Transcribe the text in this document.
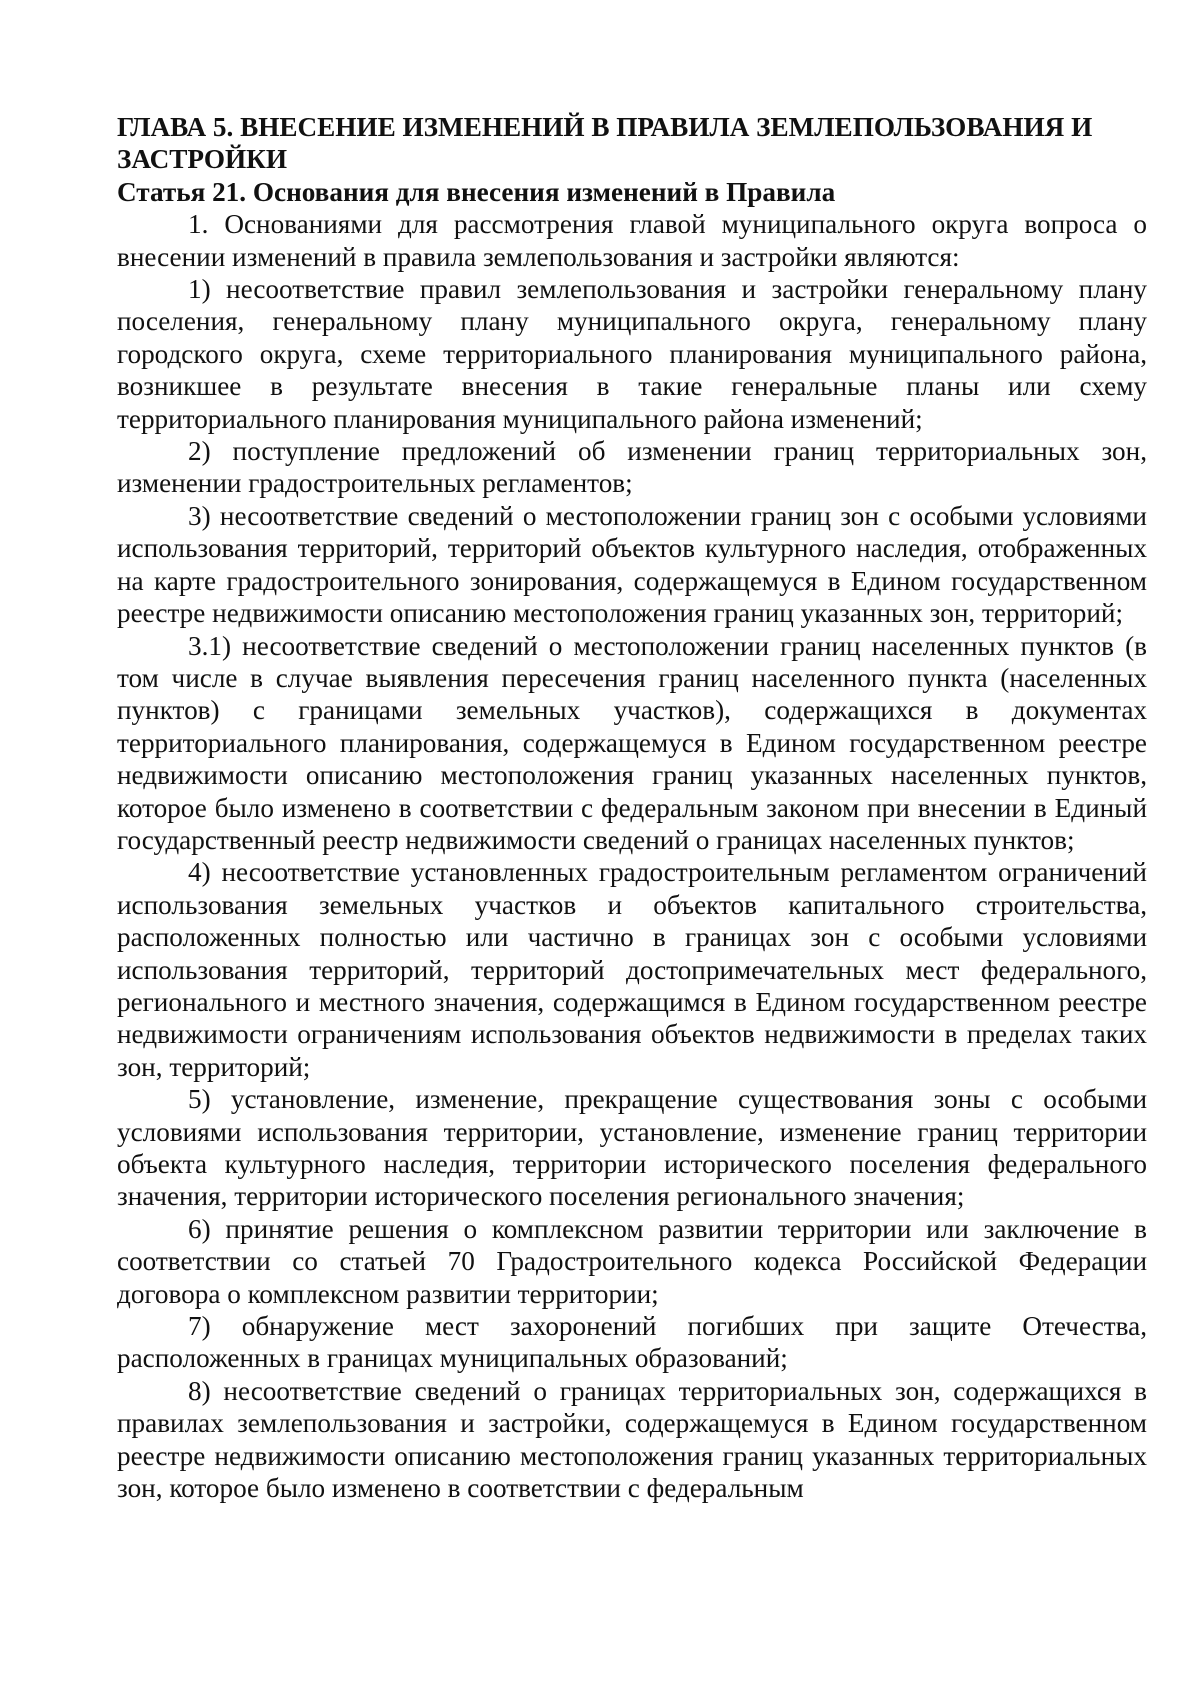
ГЛАВА 5. ВНЕСЕНИЕ ИЗМЕНЕНИЙ В ПРАВИЛА ЗЕМЛЕПОЛЬЗОВАНИЯ И ЗАСТРОЙКИ
Статья 21. Основания для внесения изменений в Правила

1. Основаниями для рассмотрения главой муниципального округа вопроса о внесении изменений в правила землепользования и застройки являются:

1) несоответствие правил землепользования и застройки генеральному плану поселения, генеральному плану муниципального округа, генеральному плану городского округа, схеме территориального планирования муниципального района, возникшее в результате внесения в такие генеральные планы или схему территориального планирования муниципального района изменений;

2) поступление предложений об изменении границ территориальных зон, изменении градостроительных регламентов;

3) несоответствие сведений о местоположении границ зон с особыми условиями использования территорий, территорий объектов культурного наследия, отображенных на карте градостроительного зонирования, содержащемуся в Едином государственном реестре недвижимости описанию местоположения границ указанных зон, территорий;

3.1) несоответствие сведений о местоположении границ населенных пунктов (в том числе в случае выявления пересечения границ населенного пункта (населенных пунктов) с границами земельных участков), содержащихся в документах территориального планирования, содержащемуся в Едином государственном реестре недвижимости описанию местоположения границ указанных населенных пунктов, которое было изменено в соответствии с федеральным законом при внесении в Единый государственный реестр недвижимости сведений о границах населенных пунктов;

4) несоответствие установленных градостроительным регламентом ограничений использования земельных участков и объектов капитального строительства, расположенных полностью или частично в границах зон с особыми условиями использования территорий, территорий достопримечательных мест федерального, регионального и местного значения, содержащимся в Едином государственном реестре недвижимости ограничениям использования объектов недвижимости в пределах таких зон, территорий;

5) установление, изменение, прекращение существования зоны с особыми условиями использования территории, установление, изменение границ территории объекта культурного наследия, территории исторического поселения федерального значения, территории исторического поселения регионального значения;

6) принятие решения о комплексном развитии территории или заключение в соответствии со статьей 70 Градостроительного кодекса Российской Федерации договора о комплексном развитии территории;

7) обнаружение мест захоронений погибших при защите Отечества, расположенных в границах муниципальных образований;

8) несоответствие сведений о границах территориальных зон, содержащихся в правилах землепользования и застройки, содержащемуся в Едином государственном реестре недвижимости описанию местоположения границ указанных территориальных зон, которое было изменено в соответствии с федеральным
